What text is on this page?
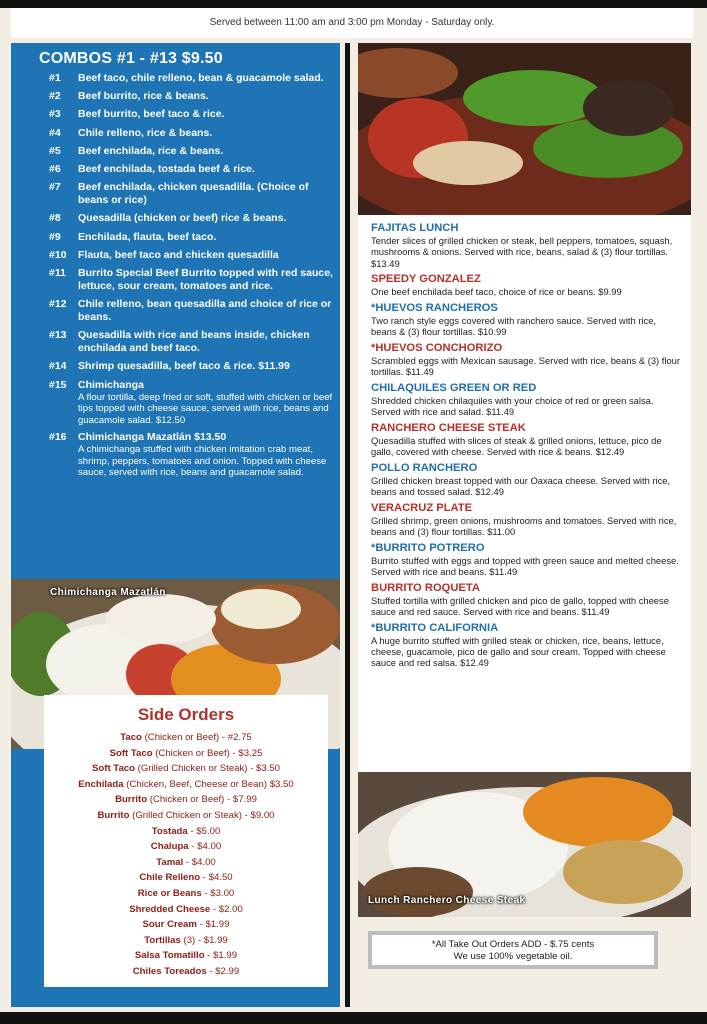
Served between 11:00 am and 3:00 pm Monday - Saturday only.
COMBOS #1 - #13 $9.50
#1	Beef taco, chile relleno, bean & guacamole salad.
#2	Beef burrito, rice & beans.
#3	Beef burrito, beef taco & rice.
#4	Chile relleno, rice & beans.
#5	Beef enchilada, rice & beans.
#6	Beef enchilada, tostada beef & rice.
#7	Beef enchilada, chicken quesadilla. (Choice of beans or rice)
#8	Quesadilla (chicken or beef) rice & beans.
#9	Enchilada, flauta, beef taco.
#10	Flauta, beef taco and chicken quesadilla
#11	Burrito Special Beef Burrito topped with red sauce, lettuce, sour cream, tomatoes and rice.
#12	Chile relleno, bean quesadilla and choice of rice or beans.
#13	Quesadilla with rice and beans inside, chicken enchilada and beef taco.
#14	Shrimp quesadilla, beef taco & rice. $11.99
#15	Chimichanga
A flour tortilla, deep fried or soft, stuffed with chicken or beef tips topped with cheese sauce, served with rice, beans and guacamole salad. $12.50
#16	Chimichanga Mazatlán $13.50
A chimichanga stuffed with chicken imitation crab meat, shrimp, peppers, tomatoes and onion. Topped with cheese sauce, served with rice, beans and guacamole salad.
Chimichanga Mazatlán
Side Orders
Taco (Chicken or Beef) - #2.75
Soft Taco (Chicken or Beef) - $3.25
Soft Taco (Grilled Chicken or Steak) - $3.50
Enchilada (Chicken, Beef, Cheese or Bean) $3.50
Burrito (Chicken or Beef) - $7.99
Burrito (Grilled Chicken or Steak) - $9.00
Tostada - $5.00
Chalupa - $4.00
Tamal - $4.00
Chile Relleno - $4.50
Rice or Beans - $3.00
Shredded Cheese - $2.00
Sour Cream - $1.99
Tortillas (3) - $1.99
Salsa Tomatillo - $1.99
Chiles Toreados - $2.99
FAJITAS LUNCH
Tender slices of grilled chicken or steak, bell peppers, tomatoes, squash, mushrooms & onions. Served with rice, beans, salad & (3) flour tortillas. $13.49
SPEEDY GONZALEZ
One beef enchilada beef taco, choice of rice or beans. $9.99
*HUEVOS RANCHEROS
Two ranch style eggs covered with ranchero sauce. Served with rice, beans & (3) flour tortillas. $10.99
*HUEVOS CONCHORIZO
Scrambled eggs with Mexican sausage. Served with rice, beans & (3) flour tortillas. $11.49
CHILAQUILES GREEN OR RED
Shredded chicken chilaquiles with your choice of red or green salsa. Served with rice and salad. $11.49
RANCHERO CHEESE STEAK
Quesadilla stuffed with slices of steak & grilled onions, lettuce, pico de gallo, covered with cheese. Served with rice & beans. $12.49
POLLO RANCHERO
Grilled chicken breast topped with our Oaxaca cheese. Served with rice, beans and tossed salad. $12.49
VERACRUZ PLATE
Grilled shrimp, green onions, mushrooms and tomatoes. Served with rice, beans and (3) flour tortillas. $11.00
*BURRITO POTRERO
Burrito stuffed with eggs and topped with green sauce and melted cheese. Served with rice and beans. $11.49
BURRITO ROQUETA
Stuffed tortilla with grilled chicken and pico de gallo, topped with cheese sauce and red sauce. Served with rice and beans. $11.49
*BURRITO CALIFORNIA
A huge burrito stuffed with grilled steak or chicken, rice, beans, lettuce, cheese, guacamole, pico de gallo and sour cream. Topped with cheese sauce and red salsa. $12.49
Lunch Ranchero Cheese Steak
*All Take Out Orders ADD - $.75 cents
We use 100% vegetable oil.
